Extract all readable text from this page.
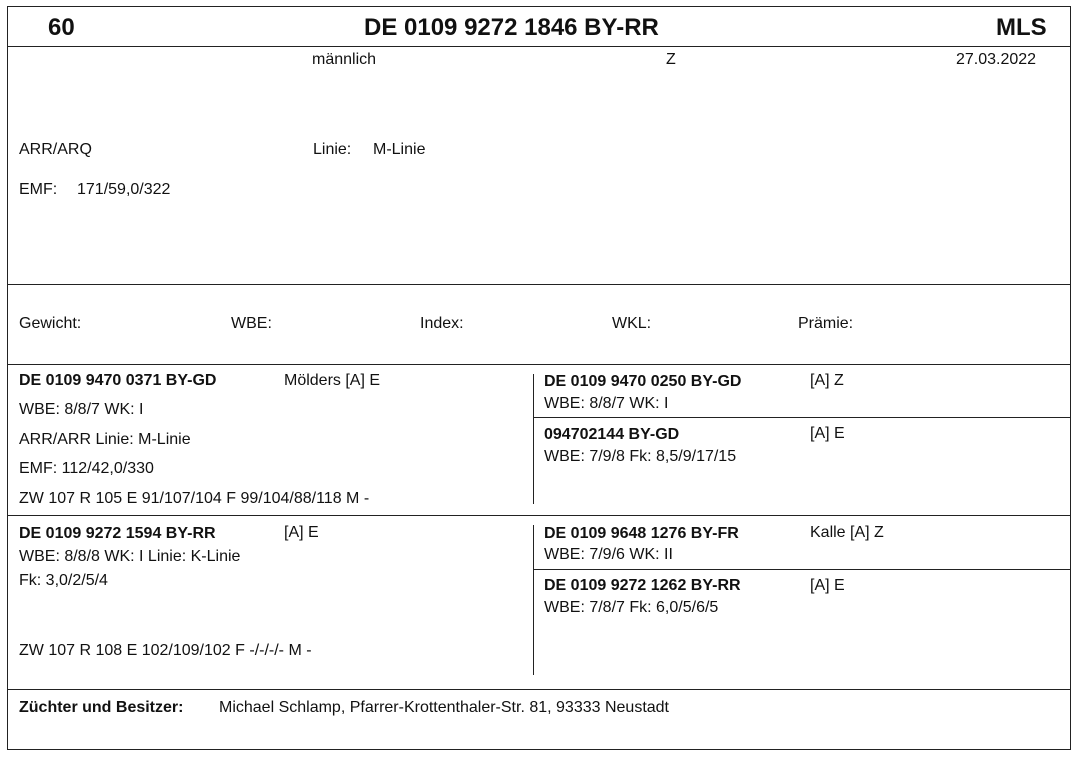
60	DE 0109 9272 1846 BY-RR	MLS
männlich	Z	27.03.2022
ARR/ARQ	Linie: M-Linie
EMF: 171/59,0/322
Gewicht:	WBE:	Index:	WKL:	Prämie:
DE 0109 9470 0371 BY-GD	Mölders [A] E
WBE: 8/8/7 WK: I
ARR/ARR Linie: M-Linie
EMF: 112/42,0/330
ZW 107 R 105 E 91/107/104 F 99/104/88/118 M -
DE 0109 9470 0250 BY-GD	[A] Z
WBE: 8/8/7 WK: I
094702144 BY-GD	[A] E
WBE: 7/9/8 Fk: 8,5/9/17/15
DE 0109 9272 1594 BY-RR	[A] E
WBE: 8/8/8 WK: I Linie: K-Linie
Fk: 3,0/2/5/4
ZW 107 R 108 E 102/109/102 F -/-/-/- M -
DE 0109 9648 1276 BY-FR	Kalle [A] Z
WBE: 7/9/6 WK: II
DE 0109 9272 1262 BY-RR	[A] E
WBE: 7/8/7 Fk: 6,0/5/6/5
Züchter und Besitzer: Michael Schlamp, Pfarrer-Krottenthaler-Str. 81, 93333 Neustadt
